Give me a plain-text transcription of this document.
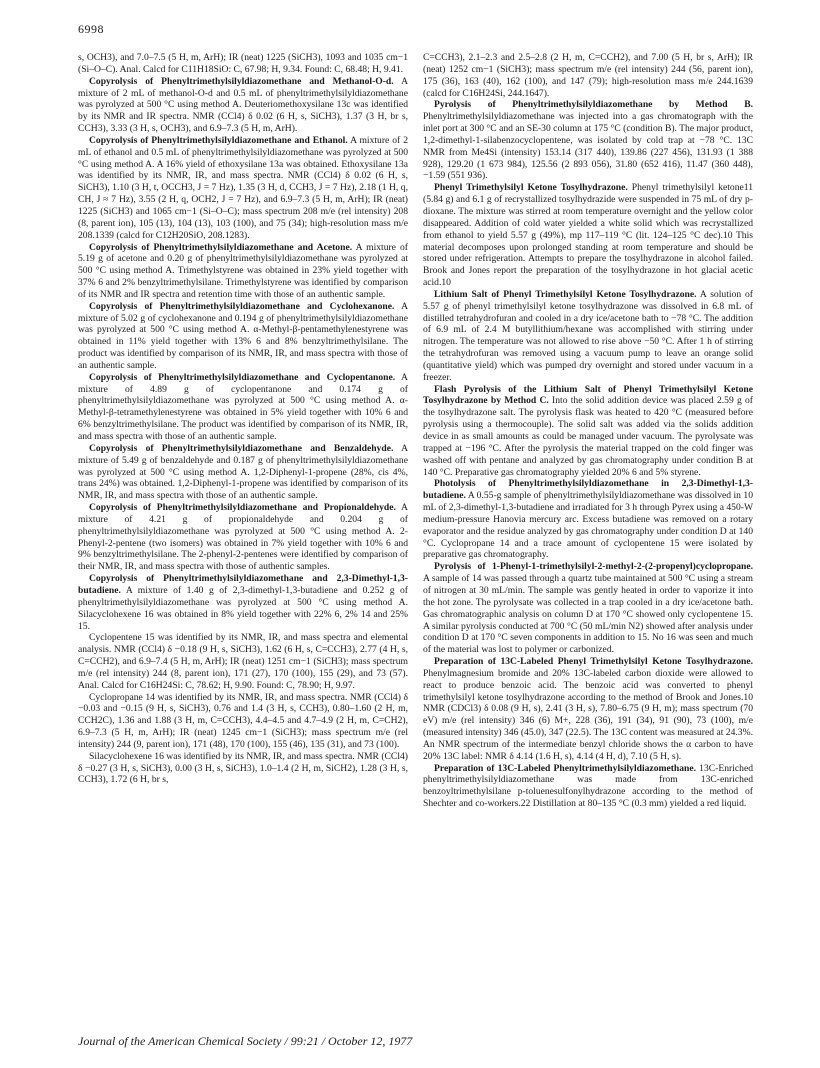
6998

s, OCH3), and 7.0–7.5 (5 H, m, ArH); IR (neat) 1225 (SiCH3), 1093 and 1035 cm−1 (Si–O–C). Anal. Calcd for C11H18SiO: C, 67.98; H, 9.34. Found: C, 68.48; H, 9.41.

Copyrolysis of Phenyltrimethylsilyldiazomethane and Methanol-O-d. A mixture of 2 mL of methanol-O-d and 0.5 mL of phenyltrimethylsilyldiazomethane was pyrolyzed at 500 °C using method A. Deuteriomethoxysilane 13c was identified by its NMR and IR spectra. NMR (CCl4) δ 0.02 (6 H, s, SiCH3), 1.37 (3 H, br s, CCH3), 3.33 (3 H, s, OCH3), and 6.9–7.3 (5 H, m, ArH).

Copyrolysis of Phenyltrimethylsilyldiazomethane and Ethanol. A mixture of 2 mL of ethanol and 0.5 mL of phenyltrimethylsilyldiazomethane was pyrolyzed at 500 °C using method A. A 16% yield of ethoxysilane 13a was obtained. Ethoxysilane 13a was identified by its NMR, IR, and mass spectra. NMR (CCl4) δ 0.02 (6 H, s, SiCH3), 1.10 (3 H, t, OCCH3, J = 7 Hz), 1.35 (3 H, d, CCH3, J = 7 Hz), 2.18 (1 H, q, CH, J ≈ 7 Hz), 3.55 (2 H, q, OCH2, J = 7 Hz), and 6.9–7.3 (5 H, m, ArH); IR (neat) 1225 (SiCH3) and 1065 cm−1 (Si–O–C); mass spectrum 208 m/e (rel intensity) 208 (8, parent ion), 105 (13), 104 (13), 103 (100), and 75 (34); high-resolution mass m/e 208.1339 (calcd for C12H20SiO, 208.1283).

Copyrolysis of Phenyltrimethylsilyldiazomethane and Acetone. A mixture of 5.19 g of acetone and 0.20 g of phenyltrimethylsilyldiazomethane was pyrolyzed at 500 °C using method A. Trimethylstyrene was obtained in 23% yield together with 37% 6 and 2% benzyltrimethylsilane. Trimethylstyrene was identified by comparison of its NMR and IR spectra and retention time with those of an authentic sample.

Copyrolysis of Phenyltrimethylsilyldiazomethane and Cyclohexanone. A mixture of 5.02 g of cyclohexanone and 0.194 g of phenyltrimethylsilyldiazomethane was pyrolyzed at 500 °C using method A. α-Methyl-β-pentamethylenestyrene was obtained in 11% yield together with 13% 6 and 8% benzyltrimethylsilane. The product was identified by comparison of its NMR, IR, and mass spectra with those of an authentic sample.

Copyrolysis of Phenyltrimethylsilyldiazomethane and Cyclopentanone. A mixture of 4.89 g of cyclopentanone and 0.174 g of phenyltrimethylsilyldiazomethane was pyrolyzed at 500 °C using method A. α-Methyl-β-tetramethylenestyrene was obtained in 5% yield together with 10% 6 and 6% benzyltrimethylsilane. The product was identified by comparison of its NMR, IR, and mass spectra with those of an authentic sample.

Copyrolysis of Phenyltrimethylsilyldiazomethane and Benzaldehyde. A mixture of 5.49 g of benzaldehyde and 0.187 g of phenyltrimethylsilyldiazomethane was pyrolyzed at 500 °C using method A. 1,2-Diphenyl-1-propene (28%, cis 4%, trans 24%) was obtained. 1,2-Diphenyl-1-propene was identified by comparison of its NMR, IR, and mass spectra with those of an authentic sample.

Copyrolysis of Phenyltrimethylsilyldiazomethane and Propionaldehyde. A mixture of 4.21 g of propionaldehyde and 0.204 g of phenyltrimethylsilyldiazomethane was pyrolyzed at 500 °C using method A. 2-Phenyl-2-pentene (two isomers) was obtained in 7% yield together with 10% 6 and 9% benzyltrimethylsilane. The 2-phenyl-2-pentenes were identified by comparison of their NMR, IR, and mass spectra with those of authentic samples.

Copyrolysis of Phenyltrimethylsilyldiazomethane and 2,3-Dimethyl-1,3-butadiene. A mixture of 1.40 g of 2,3-dimethyl-1,3-butadiene and 0.252 g of phenyltrimethylsilyldiazomethane was pyrolyzed at 500 °C using method A. Silacyclohexene 16 was obtained in 8% yield together with 22% 6, 2% 14 and 25% 15.

Cyclopentene 15 was identified by its NMR, IR, and mass spectra and elemental analysis. NMR (CCl4) δ −0.18 (9 H, s, SiCH3), 1.62 (6 H, s, C=CCH3), 2.77 (4 H, s, C=CCH2), and 6.9–7.4 (5 H, m, ArH); IR (neat) 1251 cm−1 (SiCH3); mass spectrum m/e (rel intensity) 244 (8, parent ion), 171 (27), 170 (100), 155 (29), and 73 (57). Anal. Calcd for C16H24Si: C, 78.62; H, 9.90. Found: C, 78.90; H, 9.97.

Cyclopropane 14 was identified by its NMR, IR, and mass spectra. NMR (CCl4) δ −0.03 and −0.15 (9 H, s, SiCH3), 0.76 and 1.4 (3 H, s, CCH3), 0.80–1.60 (2 H, m, CCH2C), 1.36 and 1.88 (3 H, m, C=CCH3), 4.4–4.5 and 4.7–4.9 (2 H, m, C=CH2), 6.9–7.3 (5 H, m, ArH); IR (neat) 1245 cm−1 (SiCH3); mass spectrum m/e (rel intensity) 244 (9, parent ion), 171 (48), 170 (100), 155 (46), 135 (31), and 73 (100).

Silacyclohexene 16 was identified by its NMR, IR, and mass spectra. NMR (CCl4) δ −0.27 (3 H, s, SiCH3), 0.00 (3 H, s, SiCH3), 1.0–1.4 (2 H, m, SiCH2), 1.28 (3 H, s, CCH3), 1.72 (6 H, br s,

C=CCH3), 2.1–2.3 and 2.5–2.8 (2 H, m, C=CCH2), and 7.00 (5 H, br s, ArH); IR (neat) 1252 cm−1 (SiCH3); mass spectrum m/e (rel intensity) 244 (56, parent ion), 175 (36), 163 (40), 162 (100), and 147 (79); high-resolution mass m/e 244.1639 (calcd for C16H24Si, 244.1647).

Pyrolysis of Phenyltrimethylsilyldiazomethane by Method B. Phenyltrimethylsilyldiazomethane was injected into a gas chromatograph with the inlet port at 300 °C and an SE-30 column at 175 °C (condition B). The major product, 1,2-dimethyl-1-silabenzocyclopentene, was isolated by cold trap at −78 °C. 13C NMR from Me4Si (intensity) 153.14 (317 440), 139.86 (227 456), 131.93 (1 388 928), 129.20 (1 673 984), 125.56 (2 893 056), 31.80 (652 416), 11.47 (360 448), −1.59 (551 936).

Phenyl Trimethylsilyl Ketone Tosylhydrazone. Phenyl trimethylsilyl ketone11 (5.84 g) and 6.1 g of recrystallized tosylhydrazide were suspended in 75 mL of dry p-dioxane. The mixture was stirred at room temperature overnight and the yellow color disappeared. Addition of cold water yielded a white solid which was recrystallized from ethanol to yield 5.57 g (49%), mp 117–119 °C (lit. 124–125 °C dec).10 This material decomposes upon prolonged standing at room temperature and should be stored under refrigeration. Attempts to prepare the tosylhydrazone in alcohol failed. Brook and Jones report the preparation of the tosylhydrazone in hot glacial acetic acid.10

Lithium Salt of Phenyl Trimethylsilyl Ketone Tosylhydrazone. A solution of 5.57 g of phenyl trimethylsilyl ketone tosylhydrazone was dissolved in 6.8 mL of distilled tetrahydrofuran and cooled in a dry ice/acetone bath to −78 °C. The addition of 6.9 mL of 2.4 M butyllithium/hexane was accomplished with stirring under nitrogen. The temperature was not allowed to rise above −50 °C. After 1 h of stirring the tetrahydrofuran was removed using a vacuum pump to leave an orange solid (quantitative yield) which was pumped dry overnight and stored under vacuum in a freezer.

Flash Pyrolysis of the Lithium Salt of Phenyl Trimethylsilyl Ketone Tosylhydrazone by Method C. Into the solid addition device was placed 2.59 g of the tosylhydrazone salt. The pyrolysis flask was heated to 420 °C (measured before pyrolysis using a thermocouple). The solid salt was added via the solids addition device in as small amounts as could be managed under vacuum. The pyrolysate was trapped at −196 °C. After the pyrolysis the material trapped on the cold finger was washed off with pentane and analyzed by gas chromatography under condition B at 140 °C. Preparative gas chromatography yielded 20% 6 and 5% styrene.

Photolysis of Phenyltrimethylsilyldiazomethane in 2,3-Dimethyl-1,3-butadiene. A 0.55-g sample of phenyltrimethylsilyldiazomethane was dissolved in 10 mL of 2,3-dimethyl-1,3-butadiene and irradiated for 3 h through Pyrex using a 450-W medium-pressure Hanovia mercury arc. Excess butadiene was removed on a rotary evaporator and the residue analyzed by gas chromatography under condition D at 140 °C. Cyclopropane 14 and a trace amount of cyclopentene 15 were isolated by preparative gas chromatography.

Pyrolysis of 1-Phenyl-1-trimethylsilyl-2-methyl-2-(2-propenyl)cyclopropane. A sample of 14 was passed through a quartz tube maintained at 500 °C using a stream of nitrogen at 30 mL/min. The sample was gently heated in order to vaporize it into the hot zone. The pyrolysate was collected in a trap cooled in a dry ice/acetone bath. Gas chromatographic analysis on column D at 170 °C showed only cyclopentene 15. A similar pyrolysis conducted at 700 °C (50 mL/min N2) showed after analysis under condition D at 170 °C seven components in addition to 15. No 16 was seen and much of the material was lost to polymer or carbonized.

Preparation of 13C-Labeled Phenyl Trimethylsilyl Ketone Tosylhydrazone. Phenylmagnesium bromide and 20% 13C-labeled carbon dioxide were allowed to react to produce benzoic acid. The benzoic acid was converted to phenyl trimethylsilyl ketone tosylhydrazone according to the method of Brook and Jones.10 NMR (CDCl3) δ 0.08 (9 H, s), 2.41 (3 H, s), 7.80–6.75 (9 H, m); mass spectrum (70 eV) m/e (rel intensity) 346 (6) M+, 228 (36), 191 (34), 91 (90), 73 (100), m/e (measured intensity) 346 (45.0), 347 (22.5). The 13C content was measured at 24.3%. An NMR spectrum of the intermediate benzyl chloride shows the α carbon to have 20% 13C label: NMR δ 4.14 (1.6 H, s), 4.14 (4 H, d), 7.10 (5 H, s).

Preparation of 13C-Labeled Phenyltrimethylsilyldiazomethane. 13C-Enriched phenyltrimethylsilyldiazomethane was made from 13C-enriched benzoyltrimethylsilane p-toluenesulfonylhydrazone according to the method of Shechter and co-workers.22 Distillation at 80–135 °C (0.3 mm) yielded a red liquid.

Journal of the American Chemical Society / 99:21 / October 12, 1977
